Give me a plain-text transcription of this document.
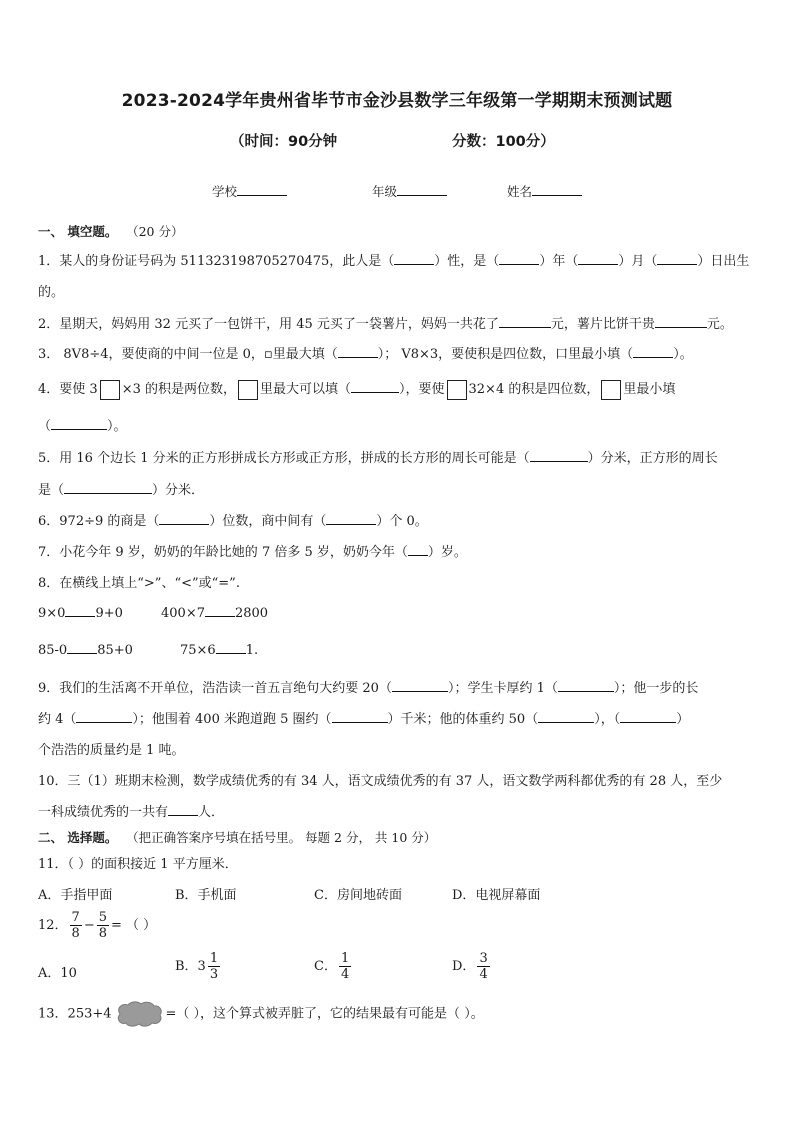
2023-2024学年贵州省毕节市金沙县数学三年级第一学期期末预测试题
（时间：90分钟	分数：100分）
学校	年级	姓名
一、 填空题。 （20 分）
1．某人的身份证号码为 511323198705270475，此人是（	）性，是（	）年（	）月（	）日出生
的。
2．星期天，妈妈用 32 元买了一包饼干，用 45 元买了一袋薯片，妈妈一共花了	元，薯片比饼干贵	元。
3． 8Ⅴ8÷4，要使商的中间一位是 0，▫里最大填（	）； Ⅴ8×3，要使积是四位数，口里最小填（	）。
4．要使 3 ×3 的积是两位数， 里最大可以填（	），要使 32×4 的积是四位数， 里最小填
（	）。
5．用 16 个边长 1 分米的正方形拼成长方形或正方形，拼成的长方形的周长可能是（	）分米，正方形的周长
是（	）分米．
6．972÷9 的商是（	）位数，商中间有（	）个 0。
7．小花今年 9 岁，奶奶的年龄比她的 7 倍多 5 岁，奶奶今年（ ）岁。
8．在横线上填上“>”、“<”或“=”.
9×0 9+0	400×7 2800
85-0 85+0	75×6 1.
9．我们的生活离不开单位，浩浩读一首五言绝句大约要 20（	）；学生卡厚约 1（	）；他一步的长
约 4（	）；他围着 400 米跑道跑 5 圈约（	）千米；他的体重约 50（	），（	）
个浩浩的质量约是 1 吨。
10．三（1）班期末检测，数学成绩优秀的有 34 人，语文成绩优秀的有 37 人，语文数学两科都优秀的有 28 人，至少
一科成绩优秀的一共有 人．
二、 选择题。 （把正确答案序号填在括号里。 每题 2 分， 共 10 分）
11．（ ）的面积接近 1 平方厘米．
A．手指甲面	B．手机面	C．房间地砖面	D．电视屏幕面
12． $\frac{7}{8} - \frac{5}{8}$ = （ ）
A．10	B．$3 \frac{1}{3}$	C． $\frac{1}{4}$	D． $\frac{3}{4}$
13．253+4	=（ ），这个算式被弄脏了，它的结果最有可能是（ ）。
